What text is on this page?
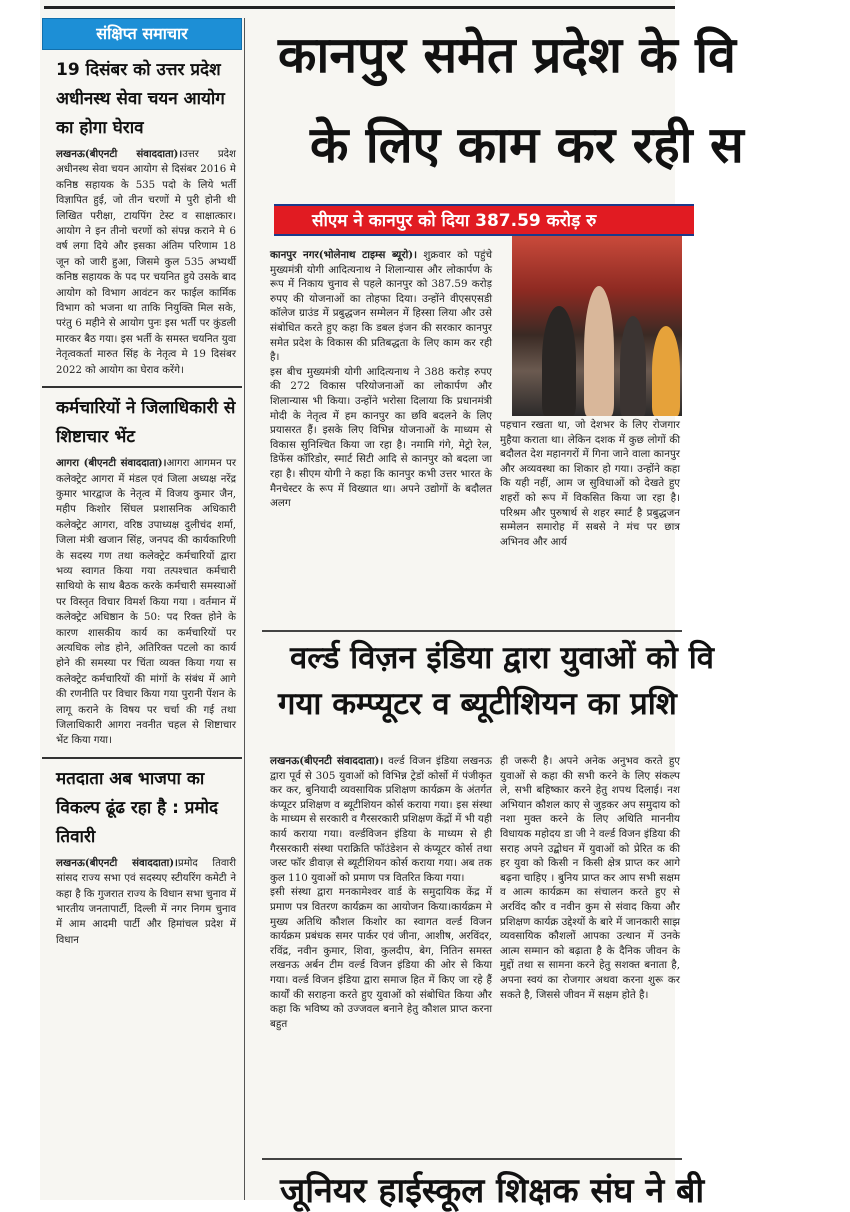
संक्षिप्त समाचार
19 दिसंबर को उत्तर प्रदेश अधीनस्थ सेवा चयन आयोग का होगा घेराव
लखनऊ(बीएनटी संवाददाता)।उत्तर प्रदेश अधीनस्थ सेवा चयन आयोग से दिसंबर 2016 मे कनिष्ठ सहायक के 535 पदो के लिये भर्ती विज्ञापित हुई, जो तीन चरणों मे पुरी होनी थी लिखित परीक्षा, टायपिंग टेस्ट व साक्षात्कार। आयोग ने इन तीनो चरणों को संपन्न कराने मे 6 वर्ष लगा दिये और इसका अंतिम परिणाम 18 जून को जारी हुआ, जिसमे कुल 535 अभ्यर्थी कनिष्ठ सहायक के पद पर चयनित हुये उसके बाद आयोग को विभाग आवंटन कर फाईल कार्मिक विभाग को भजना था ताकि नियुक्ति मिल सके, परंतु 6 महीने से आयोग पुनः इस भर्ती पर कुंडली मारकर बैठ गया। इस भर्ती के समस्त चयनित युवा नेतृत्वकर्ता मारुत सिंह के नेतृत्व मे 19 दिसंबर 2022 को आयोग का घेराव करेंगे।
कर्मचारियों ने जिलाधिकारी से शिष्टाचार भेंट
आगरा (बीएनटी संवाददाता)।आगरा आगमन पर कलेक्ट्रेट आगरा में मंडल एवं जिला अध्यक्ष नरेंद्र कुमार भारद्वाज के नेतृत्व में विजय कुमार जैन, महीप किशोर सिंघल प्रशासनिक अधिकारी कलेक्ट्रेट आगरा, वरिष्ठ उपाध्यक्ष दुलीचंद शर्मा, जिला मंत्री खजान सिंह, जनपद की कार्यकारिणी के सदस्य गण तथा कलेक्ट्रेट कर्मचारियों द्वारा भव्य स्वागत किया गया तत्पश्चात कर्मचारी साथियो के साथ बैठक करके कर्मचारी समस्याओं पर विस्तृत विचार विमर्श किया गया । वर्तमान में कलेक्ट्रेट अधिष्ठान के 50: पद रिक्त होने के कारण शासकीय कार्य का कर्मचारियों पर अत्यधिक लोड होने, अतिरिक्त पटलो का कार्य होने की समस्या पर चिंता व्यक्त किया गया स कलेक्ट्रेट कर्मचारियों की मांगों के संबंध में आगे की रणनीति पर विचार किया गया पुरानी पेंशन के लागू कराने के विषय पर चर्चा की गई तथा जिलाधिकारी आगरा नवनीत चहल से शिष्टाचार भेंट किया गया।
मतदाता अब भाजपा का विकल्प ढूंढ रहा है : प्रमोद तिवारी
लखनऊ(बीएनटी संवाददाता)।प्रमोद तिवारी सांसद राज्य सभा एवं सदस्यए स्टीयरिंग कमेटी ने कहा है कि गुजरात राज्य के विधान सभा चुनाव में भारतीय जनतापार्टी, दिल्ली में नगर निगम चुनाव में आम आदमी पार्टी और हिमांचल प्रदेश में विधान
कानपुर समेत प्रदेश के वि
के लिए काम कर रही स
सीएम ने कानपुर को दिया 387.59 करोड़ रु
कानपुर नगर(भोलेनाथ टाइम्स ब्यूरो)। शुक्रवार को पहुंचे मुख्यमंत्री योगी आदित्यनाथ ने शिलान्यास और लोकार्पण के रूप में निकाय चुनाव से पहले कानपुर को 387.59 करोड़ रुपए की योजनाओं का तोहफा दिया। उन्होंने वीएसएसडी कॉलेज ग्राउंड में प्रबुद्धजन सम्मेलन में हिस्सा लिया और उसे संबोधित करते हुए कहा कि डबल इंजन की सरकार कानपुर समेत प्रदेश के विकास की प्रतिबद्धता के लिए काम कर रही है।
इस बीच मुख्यमंत्री योगी आदित्यनाथ ने 388 करोड़ रुपए की 272 विकास परियोजनाओं का लोकार्पण और शिलान्यास भी किया। उन्होंने भरोसा दिलाया कि प्रधानमंत्री मोदी के नेतृत्व में हम कानपुर का छवि बदलने के लिए प्रयासरत हैं। इसके लिए विभिन्न योजनाओं के माध्यम से विकास सुनिश्चित किया जा रहा है। नमामि गंगे, मेट्रो रेल, डिफेंस कॉरिडोर, स्मार्ट सिटी आदि से कानपुर को बदला जा रहा है। सीएम योगी ने कहा कि कानपुर कभी उत्तर भारत के मैनचेस्टर के रूप में विख्यात था। अपने उद्योगों के बदौलत अलग
पहचान रखता था, जो देशभर के लिए रोजगार मुहैया कराता था। लेकिन दशक में कुछ लोगों की बदौलत देश महानगरों में गिना जाने वाला कानपुर और अव्यवस्था का शिकार हो गया। उन्होंने कहा कि यही नहीं, आम ज सुविधाओं को देखते हुए शहरों को रूप में विकसित किया जा रहा है। परिश्रम और पुरुषार्थ से शहर स्मार्ट है प्रबुद्धजन सम्मेलन समारोह में सबसे ने मंच पर छात्र अभिनव और आर्य
वर्ल्ड विज़न इंडिया द्वारा युवाओं को वि
गया कम्प्यूटर व ब्यूटीशियन का प्रशि
लखनऊ(बीएनटी संवाददाता)। वर्ल्ड विजन इंडिया लखनऊ द्वारा पूर्व से 305 युवाओं को विभिन्न ट्रेडों कोर्सो में पंजीकृत कर कर, बुनियादी व्यवसायिक प्रशिक्षण कार्यक्रम के अंतर्गत कंप्यूटर प्रशिक्षण व ब्यूटीशियन कोर्स कराया गया। इस संस्था के माध्यम से सरकारी व गैरसरकारी प्रशिक्षण केंद्रों में भी यही कार्य कराया गया। वर्ल्डविजन इंडिया के माध्यम से ही गैरसरकारी संस्था पराक्रिति फॉउंडेशन से कंप्यूटर कोर्स तथा जस्ट फॉर डीवाज़ से ब्यूटीशियन कोर्स कराया गया। अब तक कुल 110 युवाओं को प्रमाण पत्र वितरित किया गया।
इसी संस्था द्वारा मनकामेश्वर वार्ड के समुदायिक केंद्र में प्रमाण पत्र वितरण कार्यक्रम का आयोजन किया।कार्यक्रम मे मुख्य अतिथि कौशल किशोर का स्वागत वर्ल्ड विजन कार्यक्रम प्रबंधक समर पार्कर एवं जीना, आशीष, अरविंदर, रविंद्र, नवीन कुमार, शिवा, कुलदीप, बेग, नितिन समस्त लखनऊ अर्बन टीम वर्ल्ड विजन इंडिया की ओर से किया गया। वर्ल्ड विजन इंडिया द्वारा समाज हित में किए जा रहे हैं कार्यों की सराहना करते हुए युवाओं को संबोधित किया और कहा कि भविष्य को उज्जवल बनाने हेतु कौशल प्राप्त करना बहुत
ही जरूरी है। अपने अनेक अनुभव करते हुए युवाओं से कहा की सभी करने के लिए संकल्प ले, सभी बहिष्कार करने हेतु शपथ दिलाई। नश अभियान कौशल काए से जुड़कर अप समुदाय को नशा मुक्त करने के लिए अथिति माननीय विधायक महोदय डा जी ने वर्ल्ड विजन इंडिया की सराह अपने उद्बोधन में युवाओं को प्रेरित क की हर युवा को किसी न किसी क्षेत्र प्राप्त कर आगे बढ़ना चाहिए । बुनिय प्राप्त कर आप सभी सक्षम व आत्म कार्यक्रम का संचालन करते हुए से अरविंद कौर व नवीन कुम से संवाद किया और प्रशिक्षण कार्यक्र उद्देश्यों के बारे में जानकारी साझ व्यवसायिक कौशलों आपका उत्थान में उनके आत्म सम्मान को बढ़ाता है के दैनिक जीवन के मुद्दों तथा स सामना करने हेतु सशक्त बनाता है, अपना स्वयं का रोजगार अथवा करना शुरू कर सकते है, जिससे जीवन में सक्षम होते है।
जूनियर हाईस्कूल शिक्षक संघ ने बी
